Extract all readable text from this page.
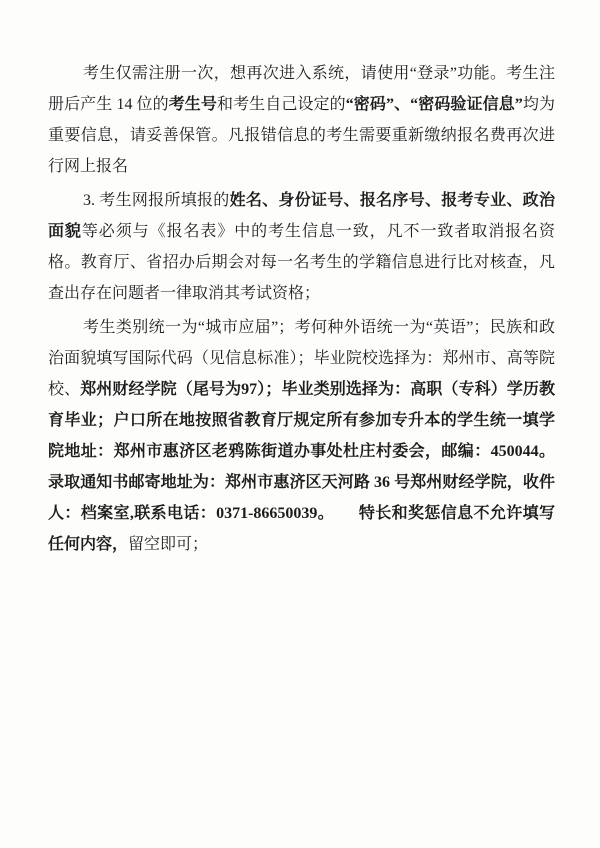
考生仅需注册一次，想再次进入系统，请使用“登录”功能。考生注册后产生 14 位的考生号和考生自己设定的“密码”、“密码验证信息”均为重要信息，请妥善保管。凡报错信息的考生需要重新缴纳报名费再次进行网上报名

3. 考生网报所填报的姓名、身份证号、报名序号、报考专业、政治面貌等必须与《报名表》中的考生信息一致，凡不一致者取消报名资格。教育厅、省招办后期会对每一名考生的学籍信息进行比对核查，凡查出存在问题者一律取消其考试资格；

考生类别统一为“城市应届”；考何种外语统一为“英语”；民族和政治面貌填写国际代码（见信息标准）；毕业院校选择为：郑州市、高等院校、郑州财经学院（尾号为97）；毕业类别选择为：高职（专科）学历教育毕业；户口所在地按照省教育厅规定所有参加专升本的学生统一填学院地址：郑州市惠济区老鸦陈街道办事处杜庄村委会，邮编：450044。录取通知书邮寄地址为：郑州市惠济区天河路 36 号郑州财经学院，收件人：档案室,联系电话：0371-86650039。　　 特长和奖惩信息不允许填写任何内容，留空即可；
